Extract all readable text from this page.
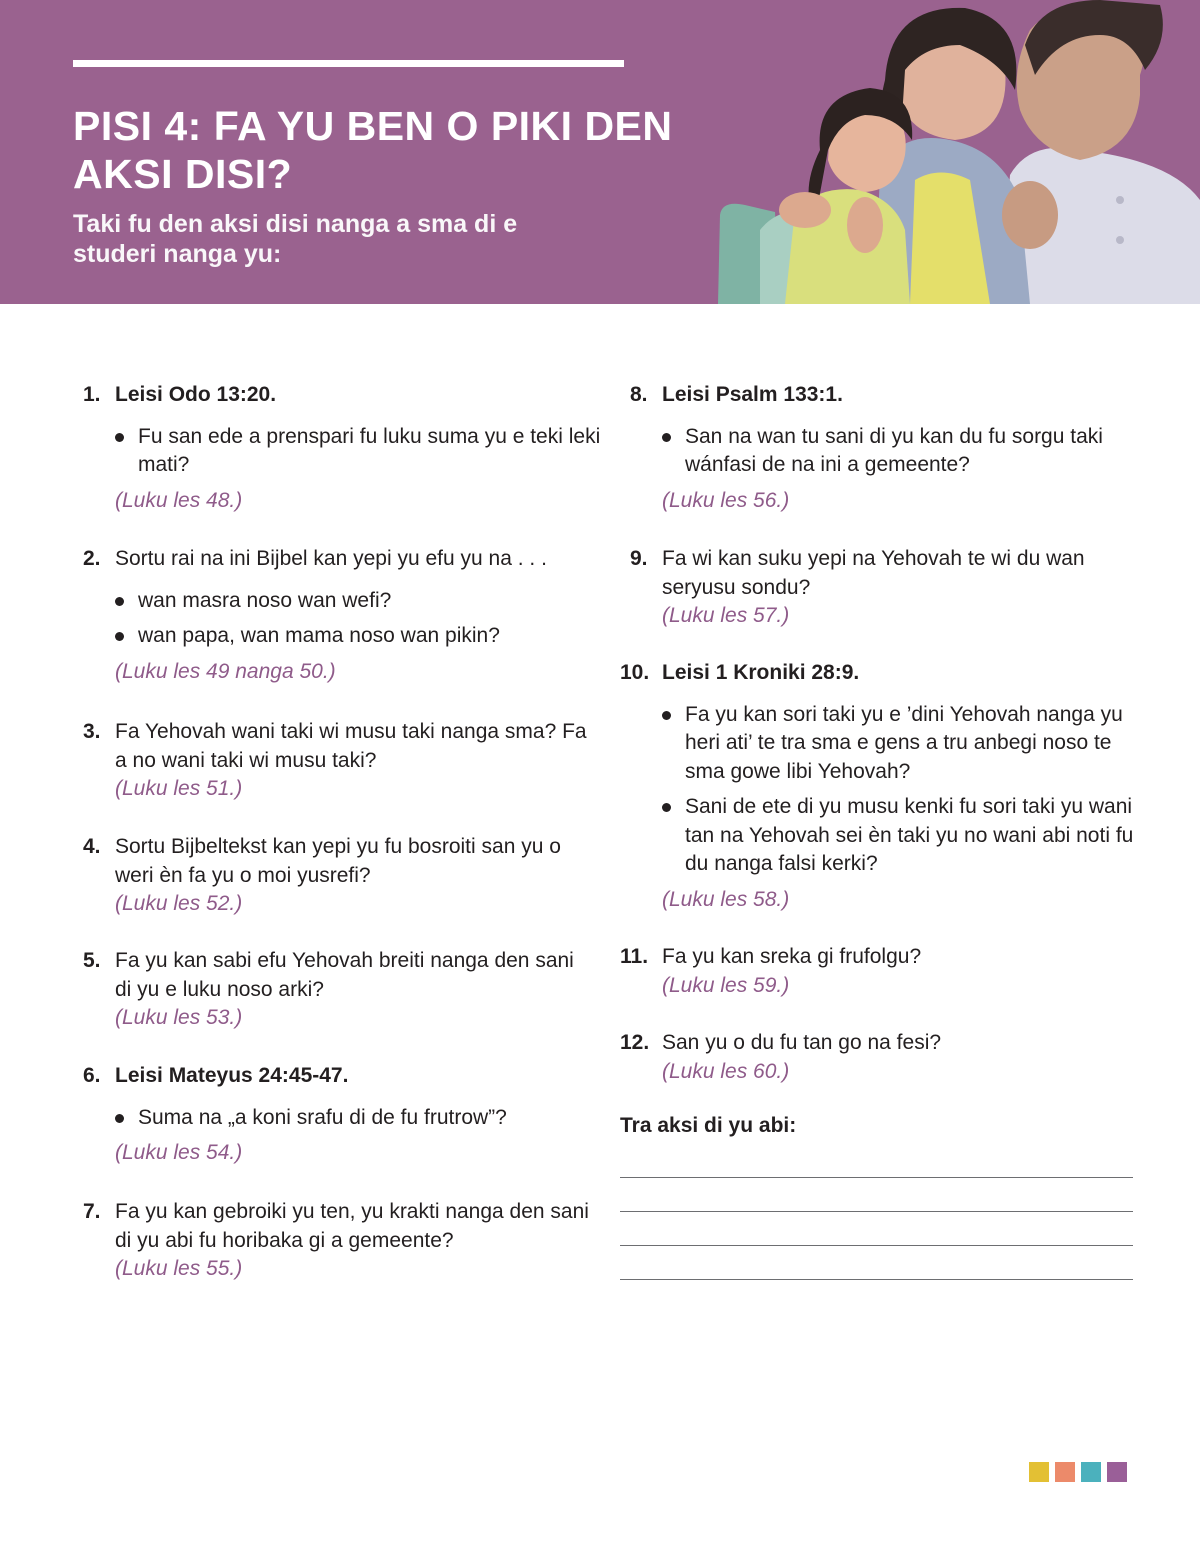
PISI 4: FA YU BEN O PIKI DEN AKSI DISI?

Taki fu den aksi disi nanga a sma di e studeri nanga yu:

1. Leisi Odo 13:20.
Fu san ede a prenspari fu luku suma yu e teki leki mati?
(Luku les 48.)
2. Sortu rai na ini Bijbel kan yepi yu efu yu na . . .
wan masra noso wan wefi?
wan papa, wan mama noso wan pikin?
(Luku les 49 nanga 50.)
3. Fa Yehovah wani taki wi musu taki nanga sma? Fa a no wani taki wi musu taki?
(Luku les 51.)
4. Sortu Bijbeltekst kan yepi yu fu bosroiti san yu o weri èn fa yu o moi yusrefi?
(Luku les 52.)
5. Fa yu kan sabi efu Yehovah breiti nanga den sani di yu e luku noso arki?
(Luku les 53.)
6. Leisi Mateyus 24:45-47.
Suma na „a koni srafu di de fu frutrow”?
(Luku les 54.)
7. Fa yu kan gebroiki yu ten, yu krakti nanga den sani di yu abi fu horibaka gi a gemeente?
(Luku les 55.)
8. Leisi Psalm 133:1.
San na wan tu sani di yu kan du fu sorgu taki wánfasi de na ini a gemeente?
(Luku les 56.)
9. Fa wi kan suku yepi na Yehovah te wi du wan seryusu sondu?
(Luku les 57.)
10. Leisi 1 Kroniki 28:9.
Fa yu kan sori taki yu e ’dini Yehovah nanga yu heri ati’ te tra sma e gens a tru anbegi noso te sma gowe libi Yehovah?
Sani de ete di yu musu kenki fu sori taki yu wani tan na Yehovah sei èn taki yu no wani abi noti fu du nanga falsi kerki?
(Luku les 58.)
11. Fa yu kan sreka gi frufolgu?
(Luku les 59.)
12. San yu o du fu tan go na fesi?
(Luku les 60.)
Tra aksi di yu abi:
